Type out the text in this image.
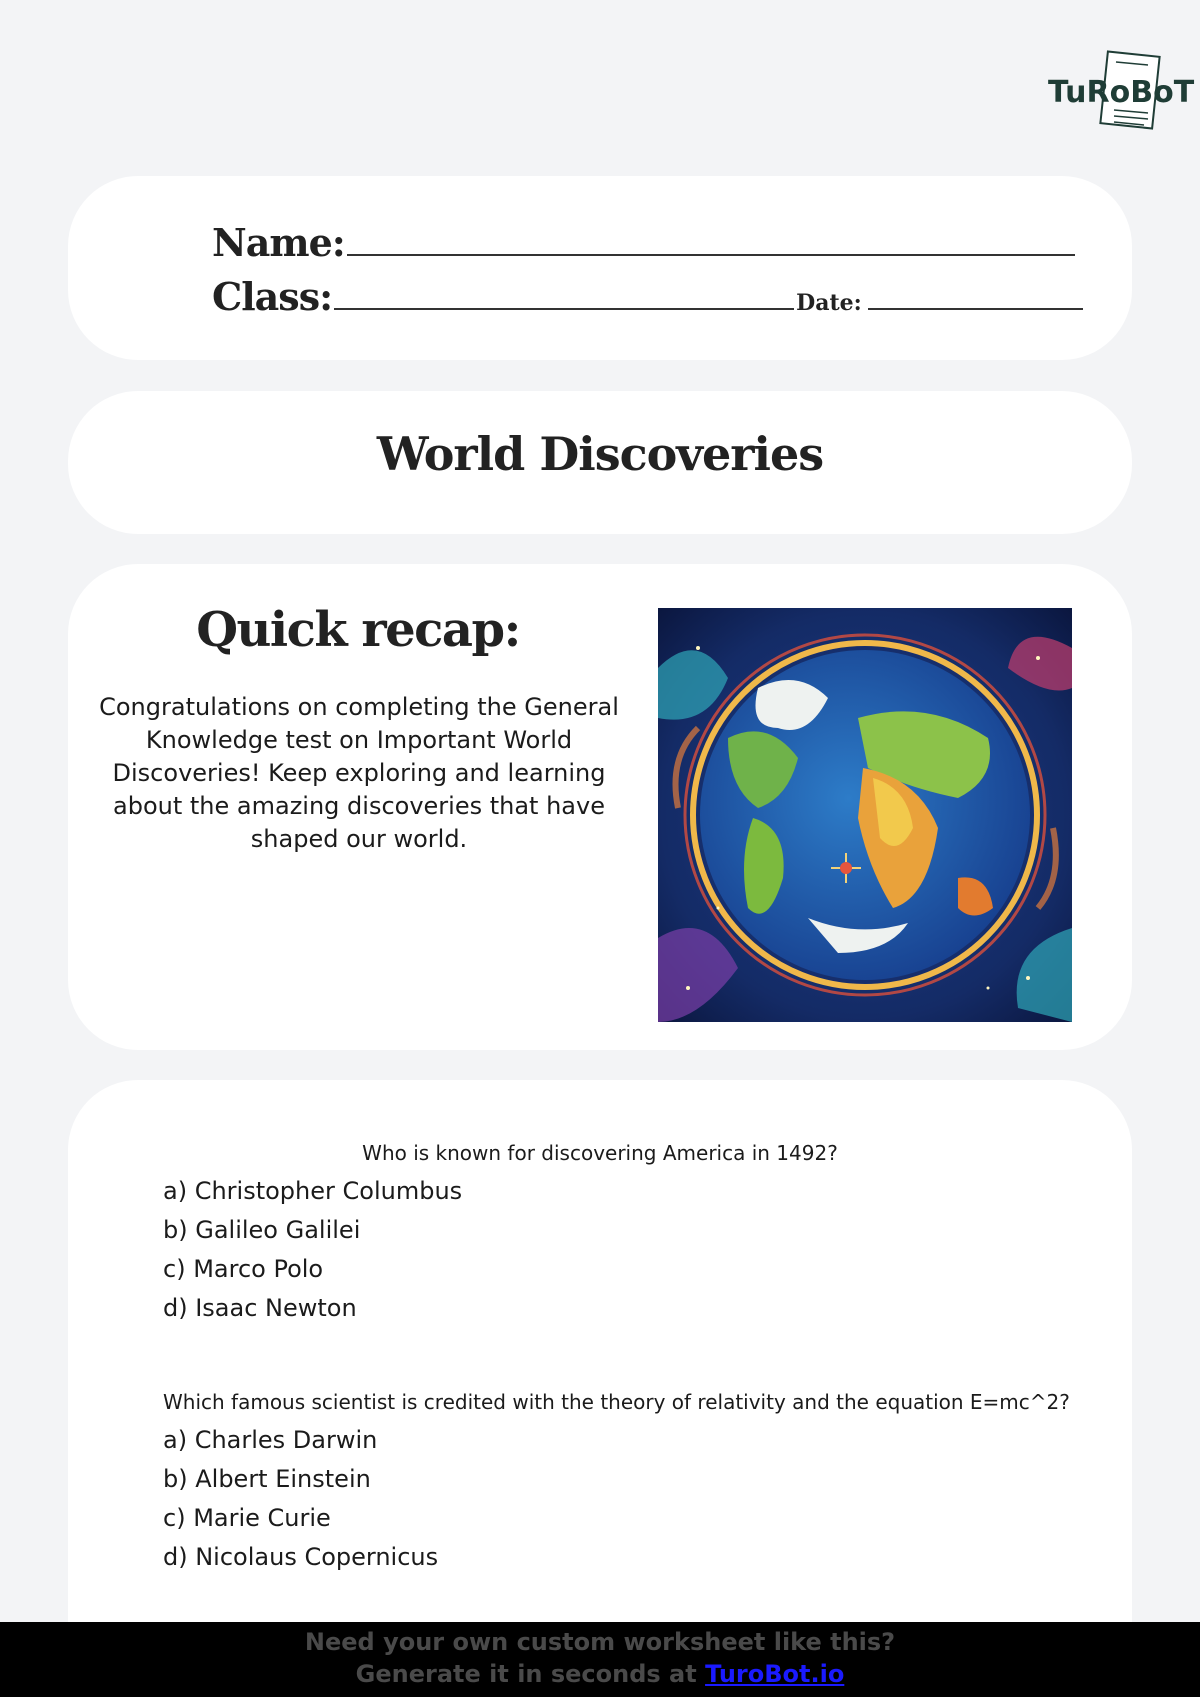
TuRoBoT
Name:
Class:	Date:
World Discoveries
Quick recap:
Congratulations on completing the General Knowledge test on Important World Discoveries! Keep exploring and learning about the amazing discoveries that have shaped our world.
Who is known for discovering America in 1492?
a) Christopher Columbus
b) Galileo Galilei
c) Marco Polo
d) Isaac Newton
Which famous scientist is credited with the theory of relativity and the equation E=mc^2?
a) Charles Darwin
b) Albert Einstein
c) Marie Curie
d) Nicolaus Copernicus
Need your own custom worksheet like this?
Generate it in seconds at TuroBot.io
